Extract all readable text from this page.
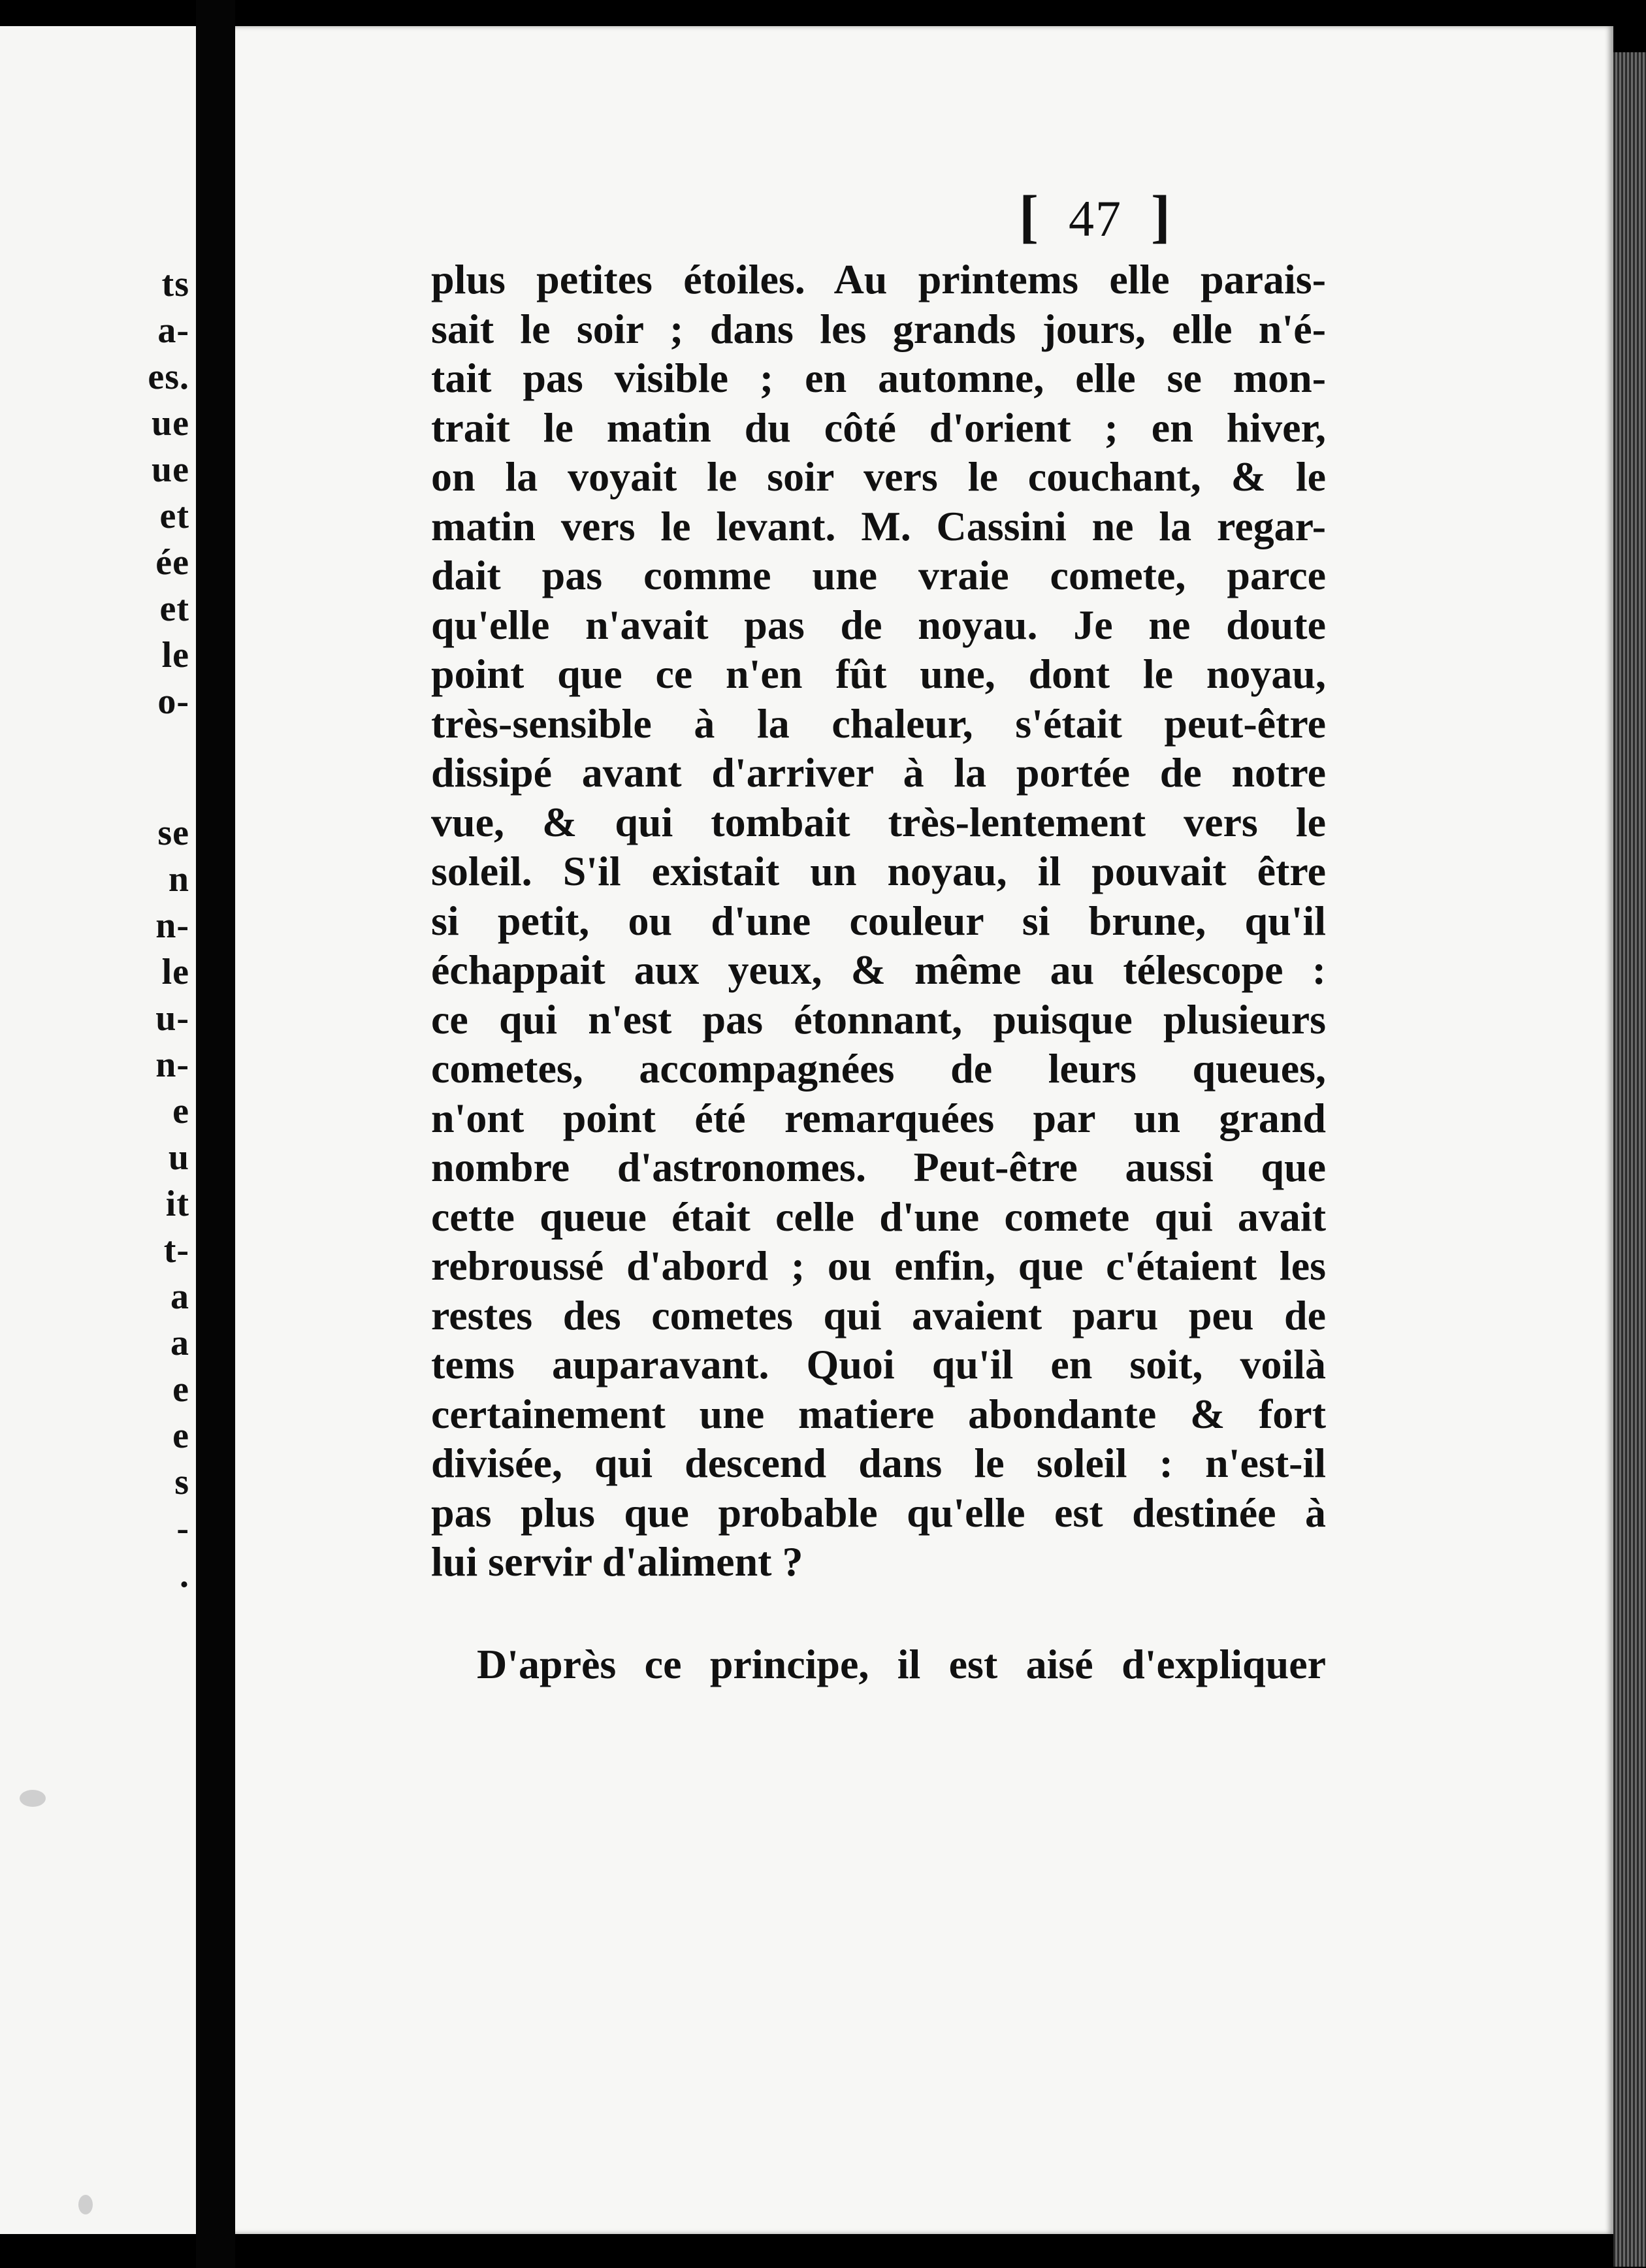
ts
a-
es.
ue
ue
et
ée
et
le
o-
se
n
n-
le
u-
n-
e
u
it
t-
a
a
e
e
s
-
.
[ 47 ]
plus petites étoiles. Au printems elle parais-
sait le soir ; dans les grands jours, elle n'é-
tait pas visible ; en automne, elle se mon-
trait le matin du côté d'orient ; en hiver,
on la voyait le soir vers le couchant, & le
matin vers le levant. M. Cassini ne la regar-
dait pas comme une vraie comete, parce
qu'elle n'avait pas de noyau. Je ne doute
point que ce n'en fût une, dont le noyau,
très-sensible à la chaleur, s'était peut-être
dissipé avant d'arriver à la portée de notre
vue, & qui tombait très-lentement vers le
soleil. S'il existait un noyau, il pouvait être
si petit, ou d'une couleur si brune, qu'il
échappait aux yeux, & même au télescope :
ce qui n'est pas étonnant, puisque plusieurs
cometes, accompagnées de leurs queues,
n'ont point été remarquées par un grand
nombre d'astronomes. Peut-être aussi que
cette queue était celle d'une comete qui avait
rebroussé d'abord ; ou enfin, que c'étaient les
restes des cometes qui avaient paru peu de
tems auparavant. Quoi qu'il en soit, voilà
certainement une matiere abondante & fort
divisée, qui descend dans le soleil : n'est-il
pas plus que probable qu'elle est destinée à
lui servir d'aliment ?
D'après ce principe, il est aisé d'expliquer
